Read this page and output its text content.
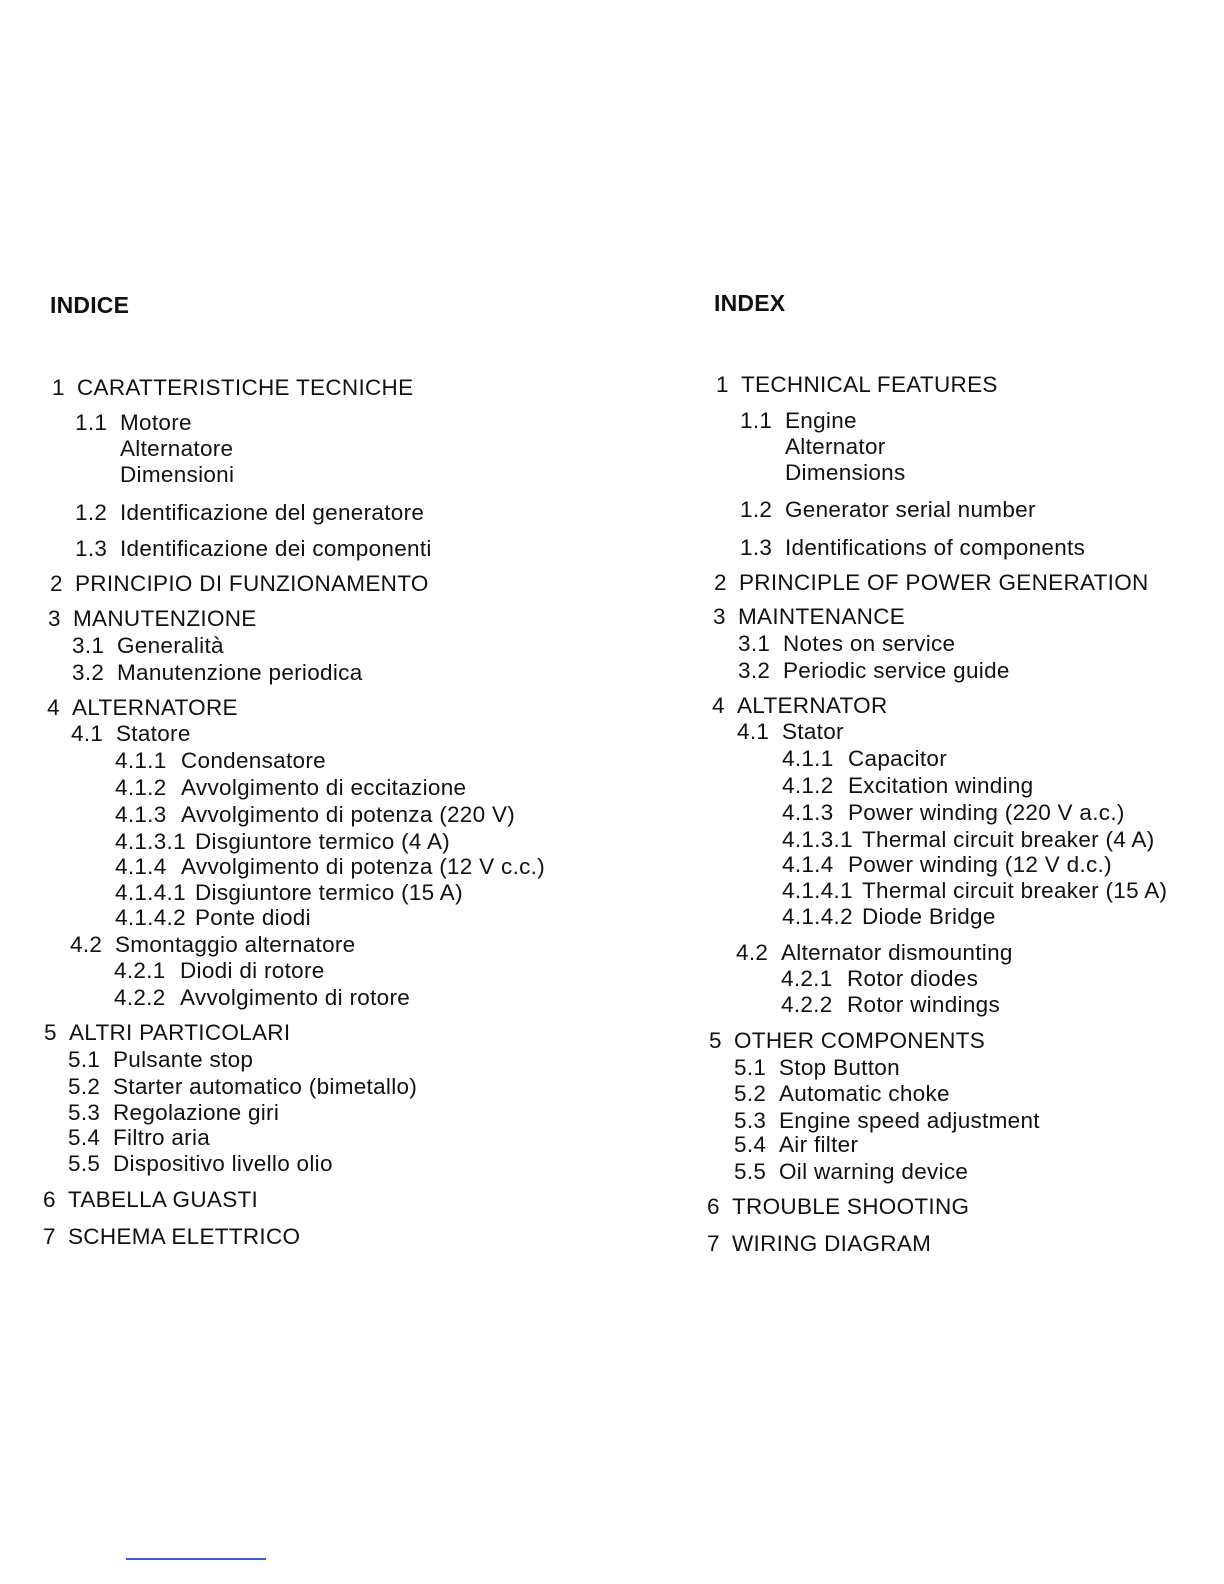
INDICE
1 CARATTERISTICHE TECNICHE
1.1 Motore
Alternatore
Dimensioni
1.2 Identificazione del generatore
1.3 Identificazione dei componenti
2 PRINCIPIO DI FUNZIONAMENTO
3 MANUTENZIONE
3.1 Generalità
3.2 Manutenzione periodica
4 ALTERNATORE
4.1 Statore
4.1.1 Condensatore
4.1.2 Avvolgimento di eccitazione
4.1.3 Avvolgimento di potenza (220 V)
4.1.3.1 Disgiuntore termico (4 A)
4.1.4 Avvolgimento di potenza (12 V c.c.)
4.1.4.1 Disgiuntore termico (15 A)
4.1.4.2 Ponte diodi
4.2 Smontaggio alternatore
4.2.1 Diodi di rotore
4.2.2 Avvolgimento di rotore
5 ALTRI PARTICOLARI
5.1 Pulsante stop
5.2 Starter automatico (bimetallo)
5.3 Regolazione giri
5.4 Filtro aria
5.5 Dispositivo livello olio
6 TABELLA GUASTI
7 SCHEMA ELETTRICO
INDEX
1 TECHNICAL FEATURES
1.1 Engine
Alternator
Dimensions
1.2 Generator serial number
1.3 Identifications of components
2 PRINCIPLE OF POWER GENERATION
3 MAINTENANCE
3.1 Notes on service
3.2 Periodic service guide
4 ALTERNATOR
4.1 Stator
4.1.1 Capacitor
4.1.2 Excitation winding
4.1.3 Power winding (220 V a.c.)
4.1.3.1 Thermal circuit breaker (4 A)
4.1.4 Power winding (12 V d.c.)
4.1.4.1 Thermal circuit breaker (15 A)
4.1.4.2 Diode Bridge
4.2 Alternator dismounting
4.2.1 Rotor diodes
4.2.2 Rotor windings
5 OTHER COMPONENTS
5.1 Stop Button
5.2 Automatic choke
5.3 Engine speed adjustment
5.4 Air filter
5.5 Oil warning device
6 TROUBLE SHOOTING
7 WIRING DIAGRAM
